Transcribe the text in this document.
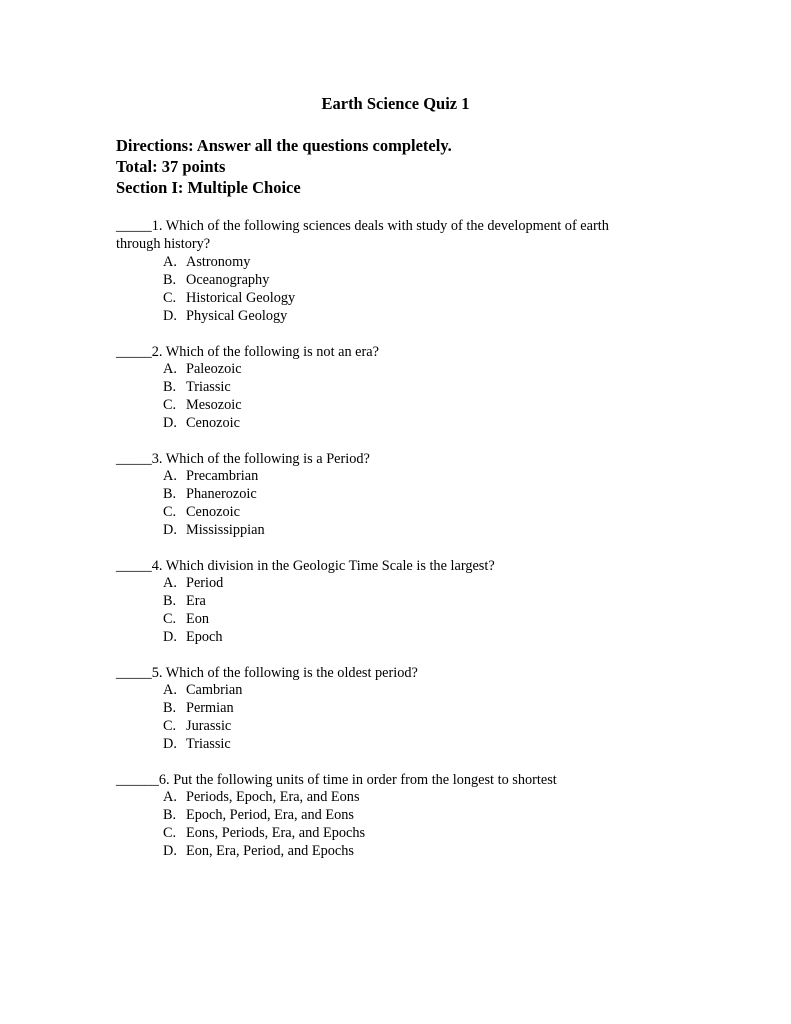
Earth Science Quiz 1
Directions: Answer all the questions completely.
Total: 37 points
Section I: Multiple Choice
_____1. Which of the following sciences deals with study of the development of earth
through history?
A. Astronomy
B. Oceanography
C. Historical Geology
D. Physical Geology
_____2. Which of the following is not an era?
A. Paleozoic
B. Triassic
C. Mesozoic
D. Cenozoic
_____3. Which of the following is a Period?
A. Precambrian
B. Phanerozoic
C. Cenozoic
D. Mississippian
_____4. Which division in the Geologic Time Scale is the largest?
A. Period
B. Era
C. Eon
D. Epoch
_____5. Which of the following is the oldest period?
A. Cambrian
B. Permian
C. Jurassic
D. Triassic
______6. Put the following units of time in order from the longest to shortest
A. Periods, Epoch, Era, and Eons
B. Epoch, Period, Era, and Eons
C. Eons, Periods, Era, and Epochs
D. Eon, Era, Period, and Epochs
